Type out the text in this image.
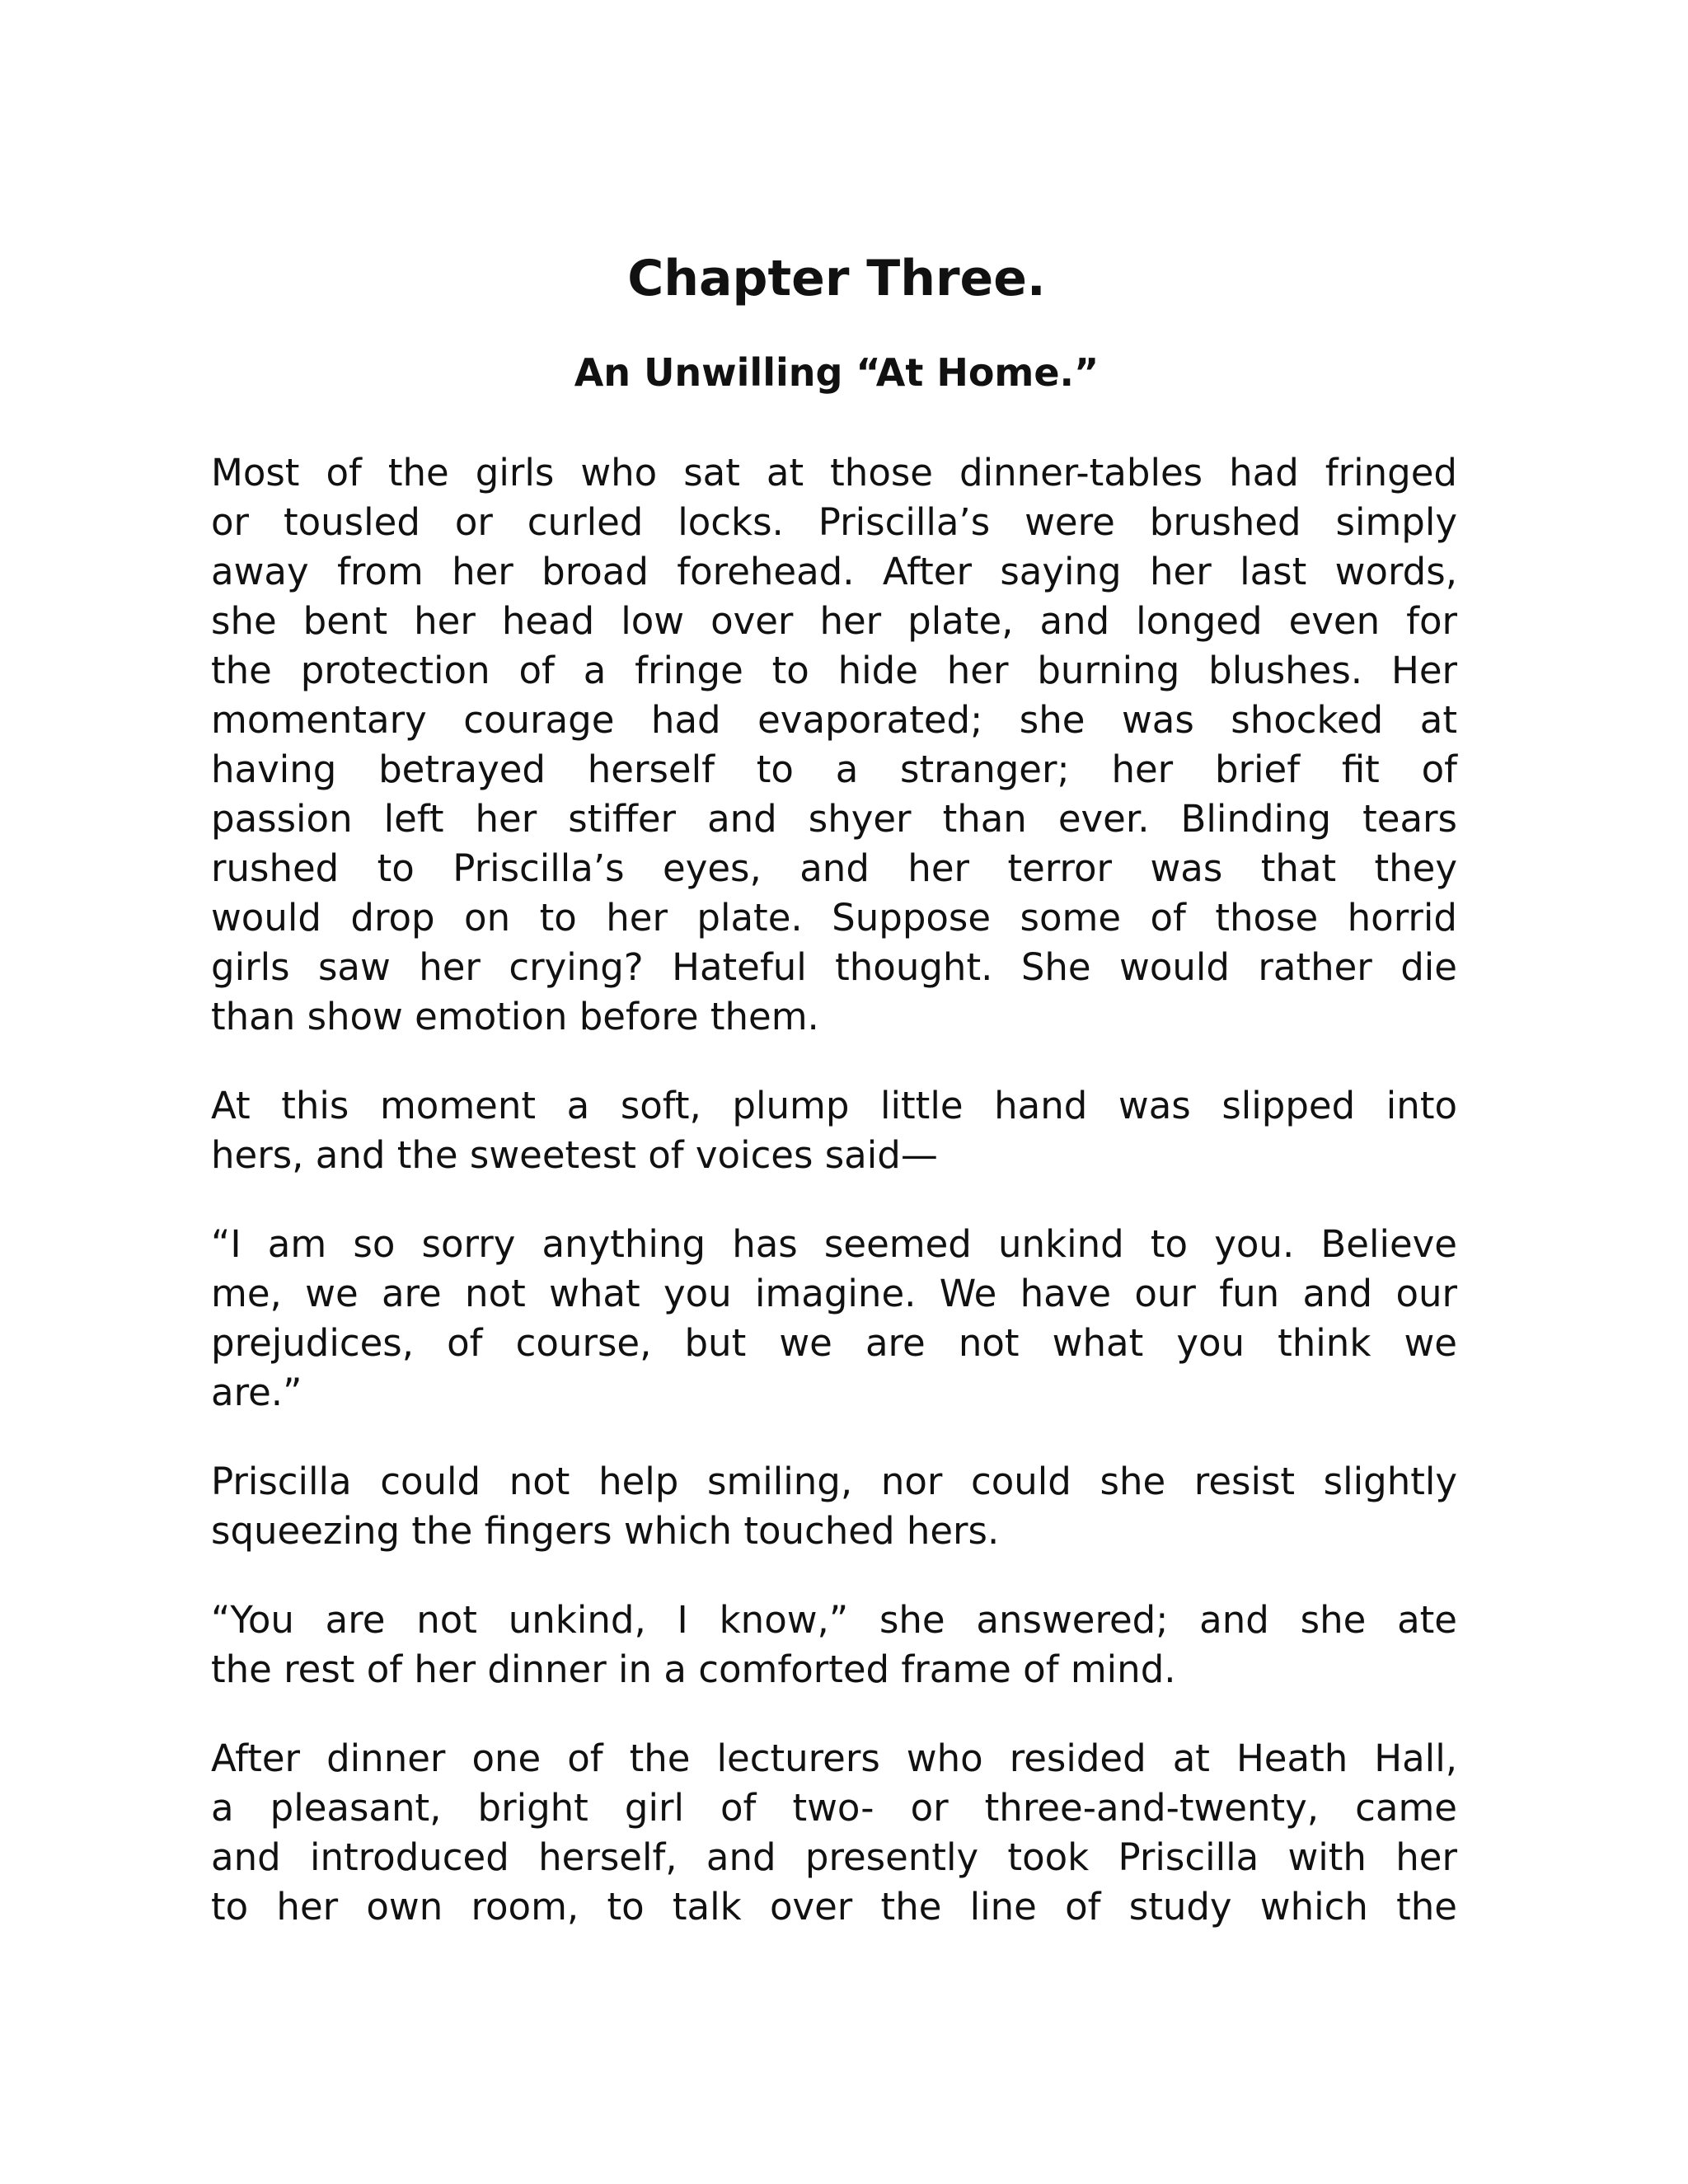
Chapter Three.
An Unwilling “At Home.”

Most of the girls who sat at those dinner-tables had fringed
or tousled or curled locks. Priscilla’s were brushed simply
away from her broad forehead. After saying her last words,
she bent her head low over her plate, and longed even for
the protection of a fringe to hide her burning blushes. Her
momentary courage had evaporated; she was shocked at
having betrayed herself to a stranger; her brief fit of
passion left her stiffer and shyer than ever. Blinding tears
rushed to Priscilla’s eyes, and her terror was that they
would drop on to her plate. Suppose some of those horrid
girls saw her crying? Hateful thought. She would rather die
than show emotion before them.

At this moment a soft, plump little hand was slipped into
hers, and the sweetest of voices said—

“I am so sorry anything has seemed unkind to you. Believe
me, we are not what you imagine. We have our fun and our
prejudices, of course, but we are not what you think we
are.”

Priscilla could not help smiling, nor could she resist slightly
squeezing the fingers which touched hers.

“You are not unkind, I know,” she answered; and she ate
the rest of her dinner in a comforted frame of mind.

After dinner one of the lecturers who resided at Heath Hall,
a pleasant, bright girl of two- or three-and-twenty, came
and introduced herself, and presently took Priscilla with her
to her own room, to talk over the line of study which the
